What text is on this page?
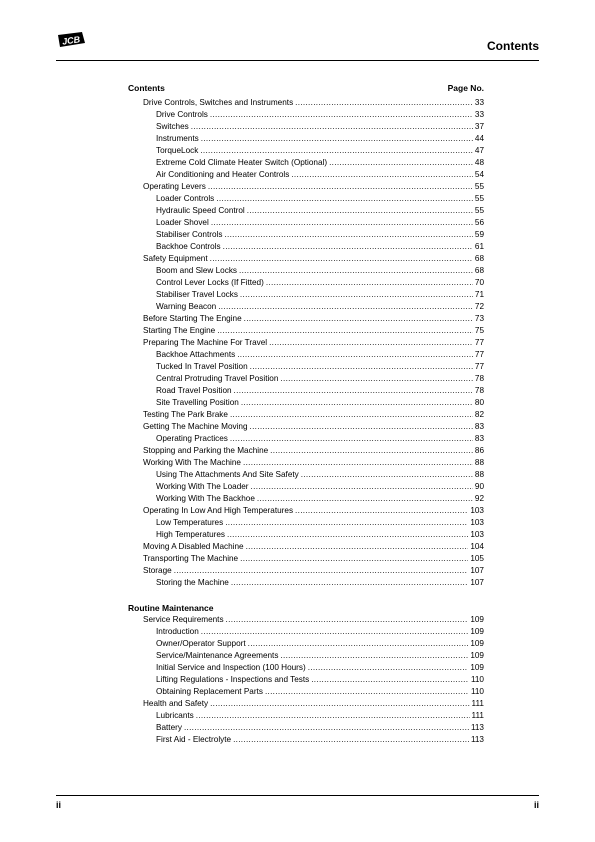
JCB	Contents
Contents	Page No.
Drive Controls, Switches and Instruments .....	33
Drive Controls .....	33
Switches .....	37
Instruments .....	44
TorqueLock .....	47
Extreme Cold Climate Heater Switch (Optional) .....	48
Air Conditioning and Heater Controls .....	54
Operating Levers .....	55
Loader Controls .....	55
Hydraulic Speed Control .....	55
Loader Shovel .....	56
Stabiliser Controls .....	59
Backhoe Controls .....	61
Safety Equipment .....	68
Boom and Slew Locks .....	68
Control Lever Locks (If Fitted) .....	70
Stabiliser Travel Locks .....	71
Warning Beacon .....	72
Before Starting The Engine .....	73
Starting The Engine .....	75
Preparing The Machine For Travel .....	77
Backhoe Attachments .....	77
Tucked In Travel Position .....	77
Central Protruding Travel Position .....	78
Road Travel Position .....	78
Site Travelling Position .....	80
Testing The Park Brake .....	82
Getting The Machine Moving .....	83
Operating Practices .....	83
Stopping and Parking the Machine .....	86
Working With The Machine .....	88
Using The Attachments And Site Safety .....	88
Working With The Loader .....	90
Working With The Backhoe .....	92
Operating In Low And High Temperatures .....	103
Low Temperatures .....	103
High Temperatures .....	103
Moving A Disabled Machine .....	104
Transporting The Machine .....	105
Storage .....	107
Storing the Machine .....	107
Routine Maintenance
Service Requirements .....	109
Introduction .....	109
Owner/Operator Support .....	109
Service/Maintenance Agreements .....	109
Initial Service and Inspection (100 Hours) .....	109
Lifting Regulations - Inspections and Tests .....	110
Obtaining Replacement Parts .....	110
Health and Safety .....	111
Lubricants .....	111
Battery .....	113
First Aid - Electrolyte .....	113
ii	ii
